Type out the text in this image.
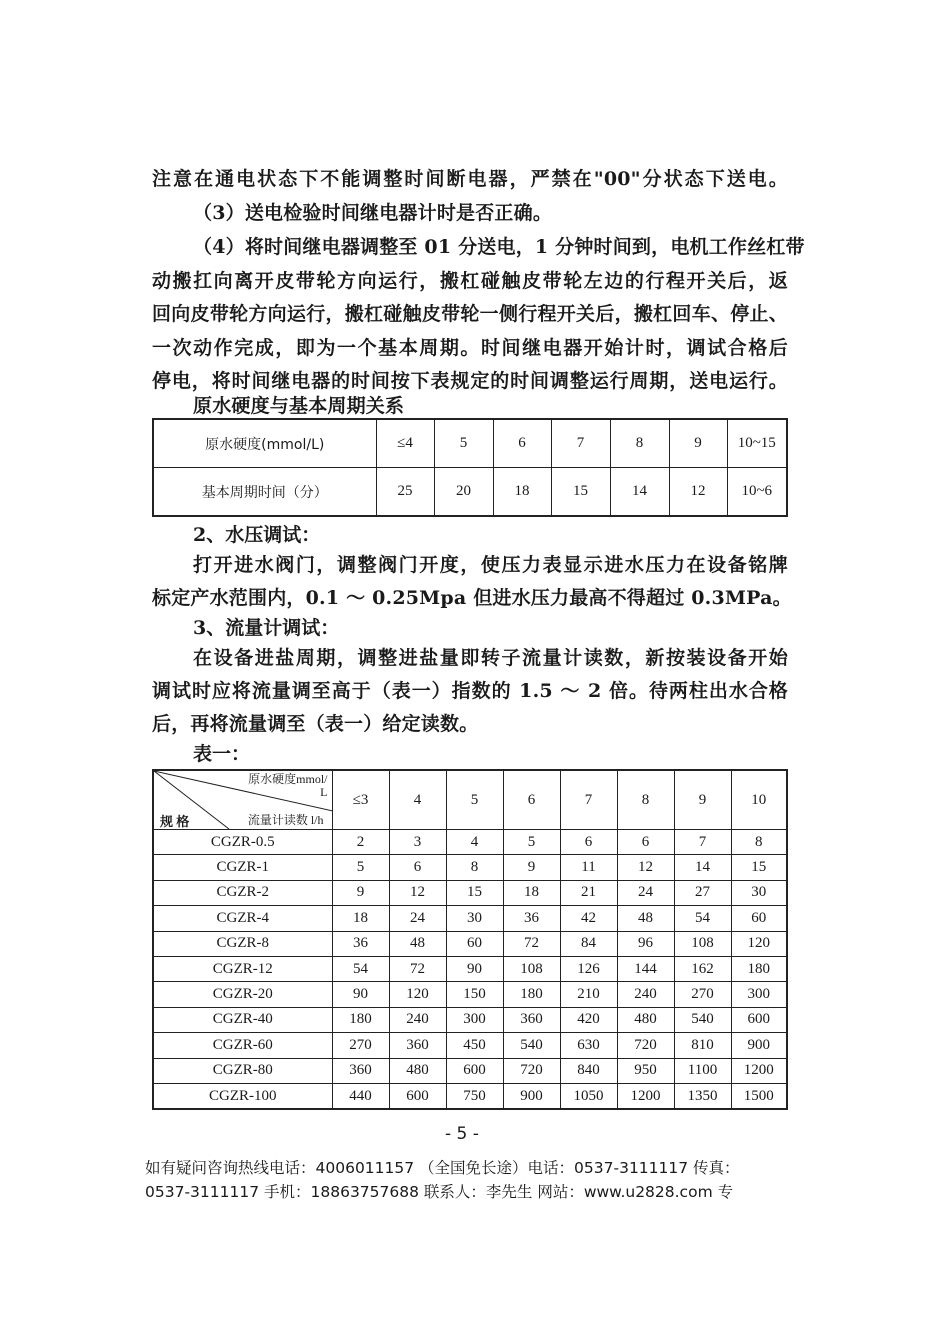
注意在通电状态下不能调整时间断电器，严禁在"00"分状态下送电。
（3）送电检验时间继电器计时是否正确。
（4）将时间继电器调整至 01 分送电，1 分钟时间到，电机工作丝杠带
动搬扛向离开皮带轮方向运行，搬杠碰触皮带轮左边的行程开关后，返
回向皮带轮方向运行，搬杠碰触皮带轮一侧行程开关后，搬杠回车、停止、
一次动作完成，即为一个基本周期。时间继电器开始计时，调试合格后
停电，将时间继电器的时间按下表规定的时间调整运行周期，送电运行。
原水硬度与基本周期关系
原水硬度(mmol/L)	≤4	5	6	7	8	9	10~15
基本周期时间（分）	25	20	18	15	14	12	10~6
2、水压调试：
打开进水阀门，调整阀门开度，使压力表显示进水压力在设备铭牌
标定产水范围内，0.1 ～ 0.25Mpa 但进水压力最高不得超过 0.3MPa。
3、流量计调试：
在设备进盐周期，调整进盐量即转子流量计读数，新按装设备开始
调试时应将流量调至高于（表一）指数的 1.5 ～ 2 倍。待两柱出水合格
后，再将流量调至（表一）给定读数。
表一：
原水硬度mmol/
L
流量计读数 l/h
规 格	≤3	4	5	6	7	8	9	10
CGZR-0.5	2	3	4	5	6	6	7	8
CGZR-1	5	6	8	9	11	12	14	15
CGZR-2	9	12	15	18	21	24	27	30
CGZR-4	18	24	30	36	42	48	54	60
CGZR-8	36	48	60	72	84	96	108	120
CGZR-12	54	72	90	108	126	144	162	180
CGZR-20	90	120	150	180	210	240	270	300
CGZR-40	180	240	300	360	420	480	540	600
CGZR-60	270	360	450	540	630	720	810	900
CGZR-80	360	480	600	720	840	950	1100	1200
CGZR-100	440	600	750	900	1050	1200	1350	1500
- 5 -
如有疑问咨询热线电话：4006011157 （全国免长途）电话：0537-3111117 传真：
0537-3111117 手机：18863757688 联系人：李先生 网站：www.u2828.com 专
